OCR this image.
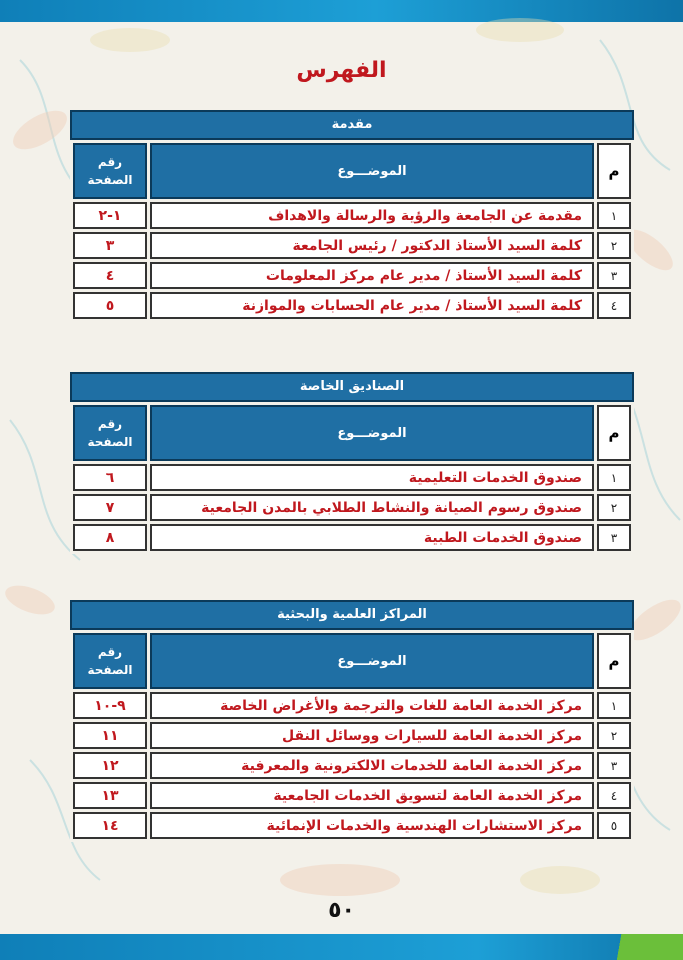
الفهرس
مقدمة
م	الموضـــوع	رقم
الصفحة
١	مقدمة عن الجامعة والرؤية والرسالة والاهداف	١-٢
٢	كلمة السيد الأستاذ الدكتور / رئيس الجامعة	٣
٣	كلمة السيد الأستاذ / مدير عام مركز المعلومات	٤
٤	كلمة السيد الأستاذ / مدير عام الحسابات والموازنة	٥
الصناديق الخاصة
م	الموضـــوع	رقم
الصفحة
١	صندوق الخدمات التعليمية	٦
٢	صندوق رسوم الصيانة والنشاط الطلابي بالمدن الجامعية	٧
٣	صندوق الخدمات الطبية	٨
المراكز العلمية والبحثية
م	الموضـــوع	رقم
الصفحة
١	مركز الخدمة العامة للغات والترجمة والأغراض الخاصة	٩-١٠
٢	مركز الخدمة العامة للسيارات ووسائل النقل	١١
٣	مركز الخدمة العامة للخدمات الالكترونية والمعرفية	١٢
٤	مركز الخدمة العامة لتسويق الخدمات الجامعية	١٣
٥	مركز الاستشارات الهندسية والخدمات الإنمائية	١٤
٥٠
